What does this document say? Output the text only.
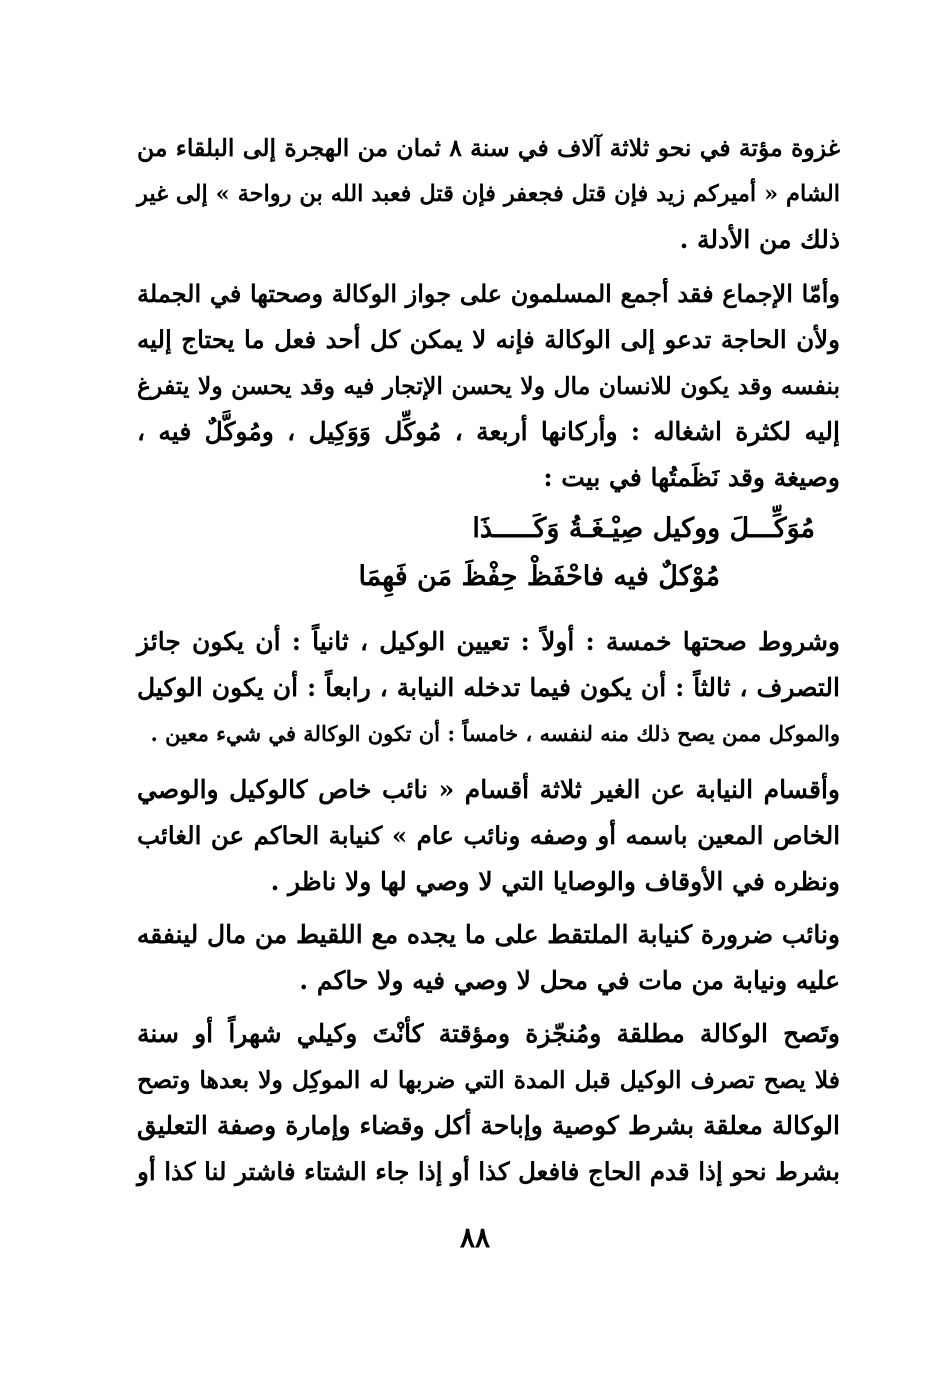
غزوة مؤتة في نحو ثلاثة آلاف في سنة ٨ ثمان من الهجرة إلى البلقاء من
الشام « أميركم زيد فإن قتل فجعفر فإن قتل فعبد الله بن رواحة » إلى غير
ذلك من الأدلة .
وأمّا الإجماع فقد أجمع المسلمون على جواز الوكالة وصحتها في الجملة
ولأن الحاجة تدعو إلى الوكالة فإنه لا يمكن كل أحد فعل ما يحتاج إليه
بنفسه وقد يكون للانسان مال ولا يحسن الإتجار فيه وقد يحسن ولا يتفرغ
إليه لكثرة اشغاله : وأركانها أربعة ، مُوكِّل وَوَكِيل ، ومُوكَّلٌ فيه ،
وصيغة وقد نَظَمتُها في بيت :
مُوَكِّـــلَ ووكيل صِيْـغَـةُ وَكَـــــذَا
مُوْكلٌ فيه فاحْفَظْ حِفْظَ مَن فَهِمَا
وشروط صحتها خمسة : أولاً : تعيين الوكيل ، ثانياً : أن يكون جائز
التصرف ، ثالثاً : أن يكون فيما تدخله النيابة ، رابعاً : أن يكون الوكيل
والموكل ممن يصح ذلك منه لنفسه ، خامساً : أن تكون الوكالة في شيء معين .
وأقسام النيابة عن الغير ثلاثة أقسام « نائب خاص كالوكيل والوصي
الخاص المعين باسمه أو وصفه ونائب عام » كنيابة الحاكم عن الغائب
ونظره في الأوقاف والوصايا التي لا وصي لها ولا ناظر .
ونائب ضرورة كنيابة الملتقط على ما يجده مع اللقيط من مال لينفقه
عليه ونيابة من مات في محل لا وصي فيه ولا حاكم .
وتَصح الوكالة مطلقة ومُنجّزة ومؤقتة كأنْتَ وكيلي شهراً أو سنة
فلا يصح تصرف الوكيل قبل المدة التي ضربها له الموكِل ولا بعدها وتصح
الوكالة معلقة بشرط كوصية وإباحة أكل وقضاء وإمارة وصفة التعليق
بشرط نحو إذا قدم الحاج فافعل كذا أو إذا جاء الشتاء فاشتر لنا كذا أو
٨٨
